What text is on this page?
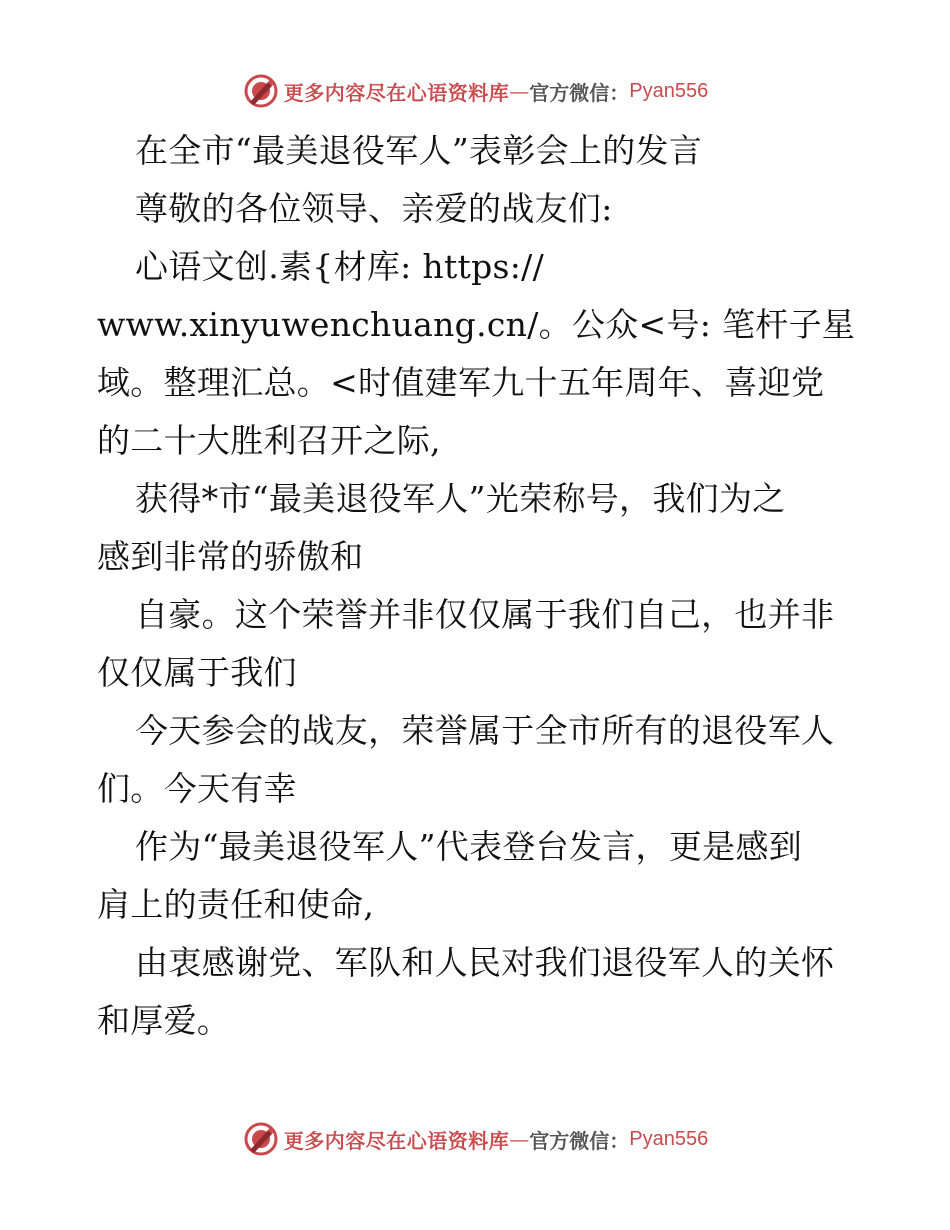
更多内容尽在心语资料库 — 官方微信： Pyan556
在全市“最美退役军人”表彰会上的发言
尊敬的各位领导、亲爱的战友们:
心语文创.素{材库: https://
www.xinyuwenchuang.cn/。公众<号: 笔杆子星
域。整理汇总。<时值建军九十五年周年、喜迎党
的二十大胜利召开之际,
获得*市“最美退役军人”光荣称号，我们为之
感到非常的骄傲和
自豪。这个荣誉并非仅仅属于我们自己，也并非
仅仅属于我们
今天参会的战友，荣誉属于全市所有的退役军人
们。今天有幸
作为“最美退役军人”代表登台发言，更是感到
肩上的责任和使命,
由衷感谢党、军队和人民对我们退役军人的关怀
和厚爱。
更多内容尽在心语资料库 — 官方微信： Pyan556
